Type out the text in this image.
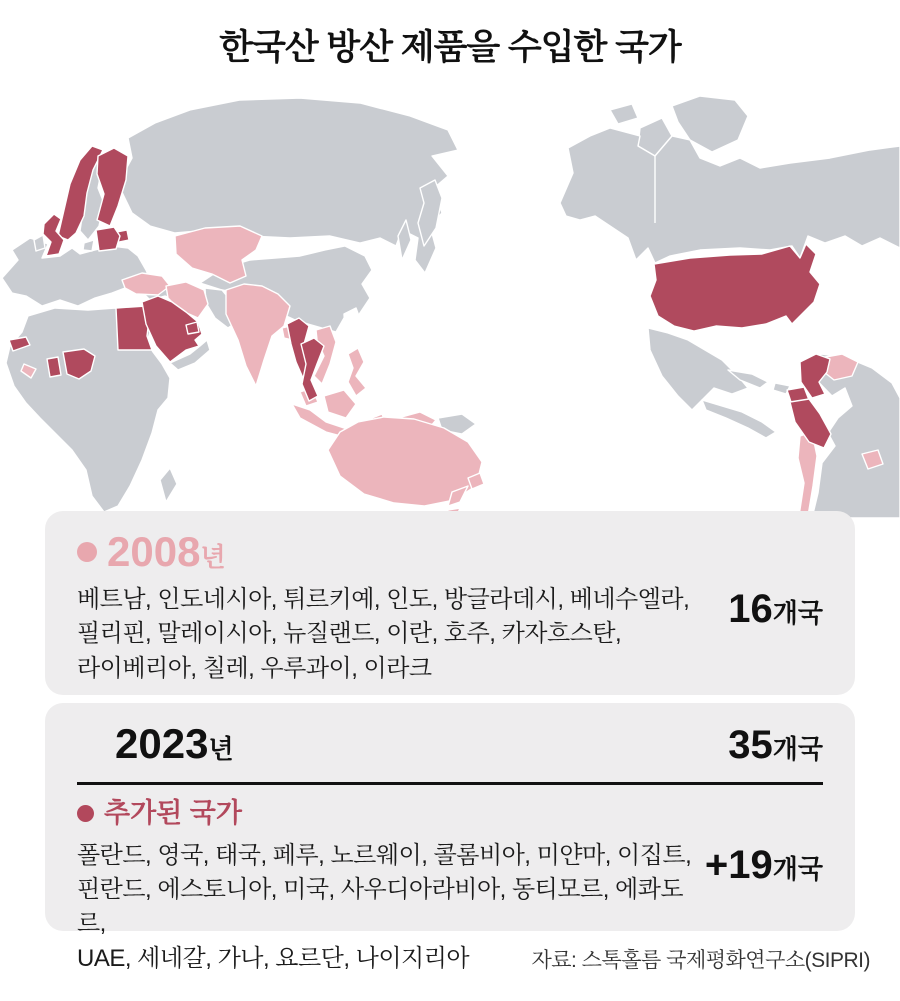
한국산 방산 제품을 수입한 국가
2008년
베트남, 인도네시아, 튀르키예, 인도, 방글라데시, 베네수엘라,
필리핀, 말레이시아, 뉴질랜드, 이란, 호주, 카자흐스탄,
라이베리아, 칠레, 우루과이, 이라크
16개국
2023년	35개국
추가된 국가
폴란드, 영국, 태국, 페루, 노르웨이, 콜롬비아, 미얀마, 이집트,
핀란드, 에스토니아, 미국, 사우디아라비아, 동티모르, 에콰도르,
UAE, 세네갈, 가나, 요르단, 나이지리아
+19개국
자료: 스톡홀름 국제평화연구소(SIPRI)
